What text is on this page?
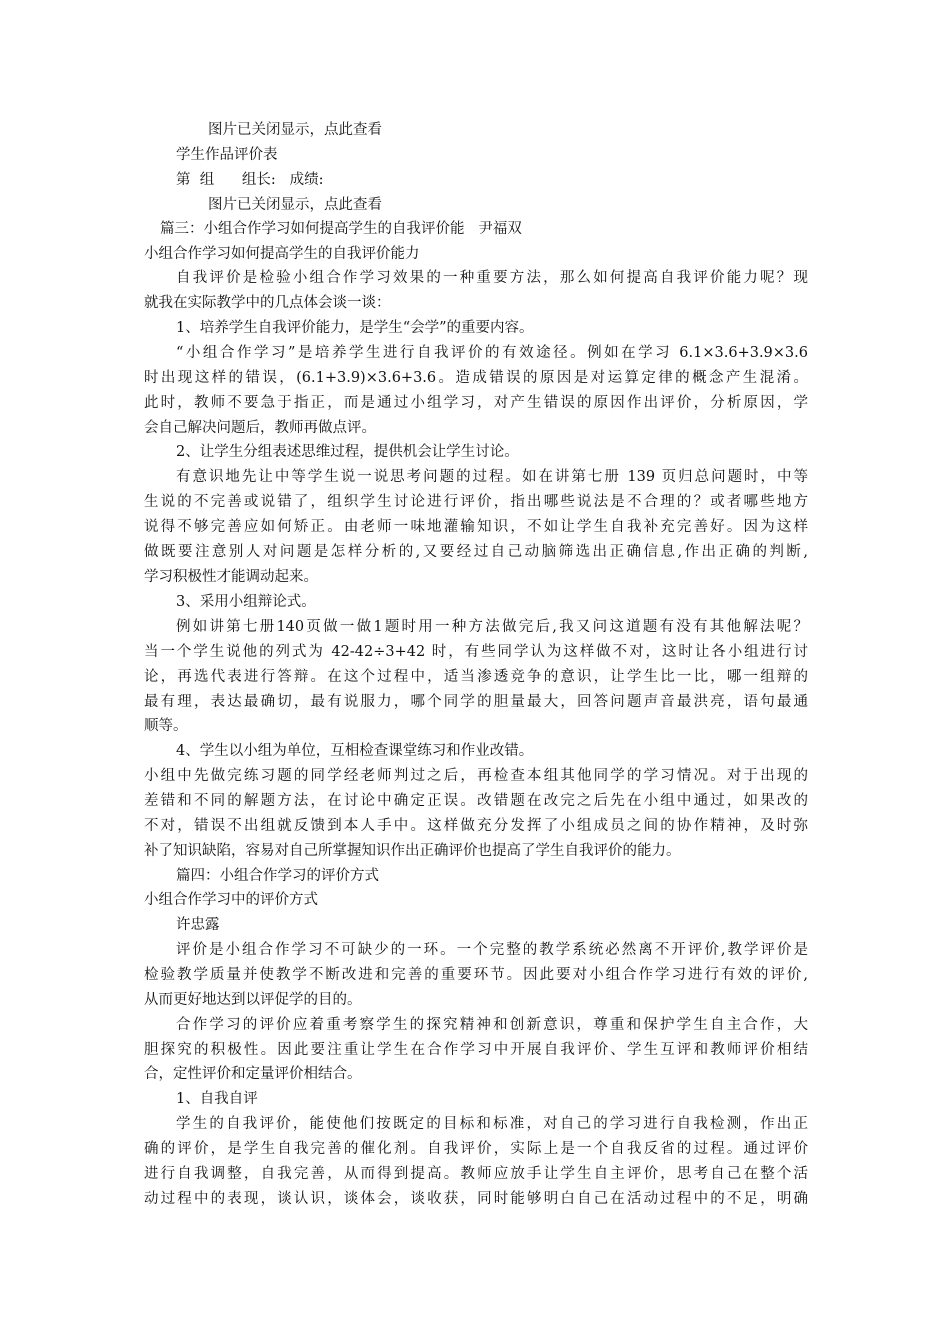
图片已关闭显示，点此查看
学生作品评价表
第  组      组长:   成绩:
图片已关闭显示，点此查看
篇三：小组合作学习如何提高学生的自我评价能   尹福双
小组合作学习如何提高学生的自我评价能力
自我评价是检验小组合作学习效果的一种重要方法，那么如何提高自我评价能力呢？现
就我在实际教学中的几点体会谈一谈：
1、培养学生自我评价能力，是学生“会学”的重要内容。
“小组合作学习”是培养学生进行自我评价的有效途径。例如在学习 6.1×3.6+3.9×3.6
时出现这样的错误，(6.1+3.9)×3.6+3.6。造成错误的原因是对运算定律的概念产生混淆。
此时，教师不要急于指正，而是通过小组学习，对产生错误的原因作出评价，分析原因，学
会自己解决问题后，教师再做点评。
2、让学生分组表述思维过程，提供机会让学生讨论。
有意识地先让中等学生说一说思考问题的过程。如在讲第七册 139 页归总问题时，中等
生说的不完善或说错了，组织学生讨论进行评价，指出哪些说法是不合理的？或者哪些地方
说得不够完善应如何矫正。由老师一味地灌输知识，不如让学生自我补充完善好。因为这样
做既要注意别人对问题是怎样分析的,又要经过自己动脑筛选出正确信息,作出正确的判断,
学习积极性才能调动起来。
3、采用小组辩论式。
例如讲第七册140页做一做1题时用一种方法做完后,我又问这道题有没有其他解法呢？
当一个学生说他的列式为 42-42÷3+42 时，有些同学认为这样做不对，这时让各小组进行讨
论，再选代表进行答辩。在这个过程中，适当渗透竞争的意识，让学生比一比，哪一组辩的
最有理，表达最确切，最有说服力，哪个同学的胆量最大，回答问题声音最洪亮，语句最通
顺等。
4、学生以小组为单位，互相检查课堂练习和作业改错。
小组中先做完练习题的同学经老师判过之后，再检查本组其他同学的学习情况。对于出现的
差错和不同的解题方法，在讨论中确定正误。改错题在改完之后先在小组中通过，如果改的
不对，错误不出组就反馈到本人手中。这样做充分发挥了小组成员之间的协作精神，及时弥
补了知识缺陷，容易对自己所掌握知识作出正确评价也提高了学生自我评价的能力。
篇四：小组合作学习的评价方式
小组合作学习中的评价方式
许忠露
评价是小组合作学习不可缺少的一环。一个完整的教学系统必然离不开评价,教学评价是
检验教学质量并使教学不断改进和完善的重要环节。因此要对小组合作学习进行有效的评价,
从而更好地达到以评促学的目的。
合作学习的评价应着重考察学生的探究精神和创新意识，尊重和保护学生自主合作，大
胆探究的积极性。因此要注重让学生在合作学习中开展自我评价、学生互评和教师评价相结
合，定性评价和定量评价相结合。
1、自我自评
学生的自我评价，能使他们按既定的目标和标准，对自己的学习进行自我检测，作出正
确的评价，是学生自我完善的催化剂。自我评价，实际上是一个自我反省的过程。通过评价
进行自我调整，自我完善，从而得到提高。教师应放手让学生自主评价，思考自己在整个活
动过程中的表现，谈认识，谈体会，谈收获，同时能够明白自己在活动过程中的不足，明确
